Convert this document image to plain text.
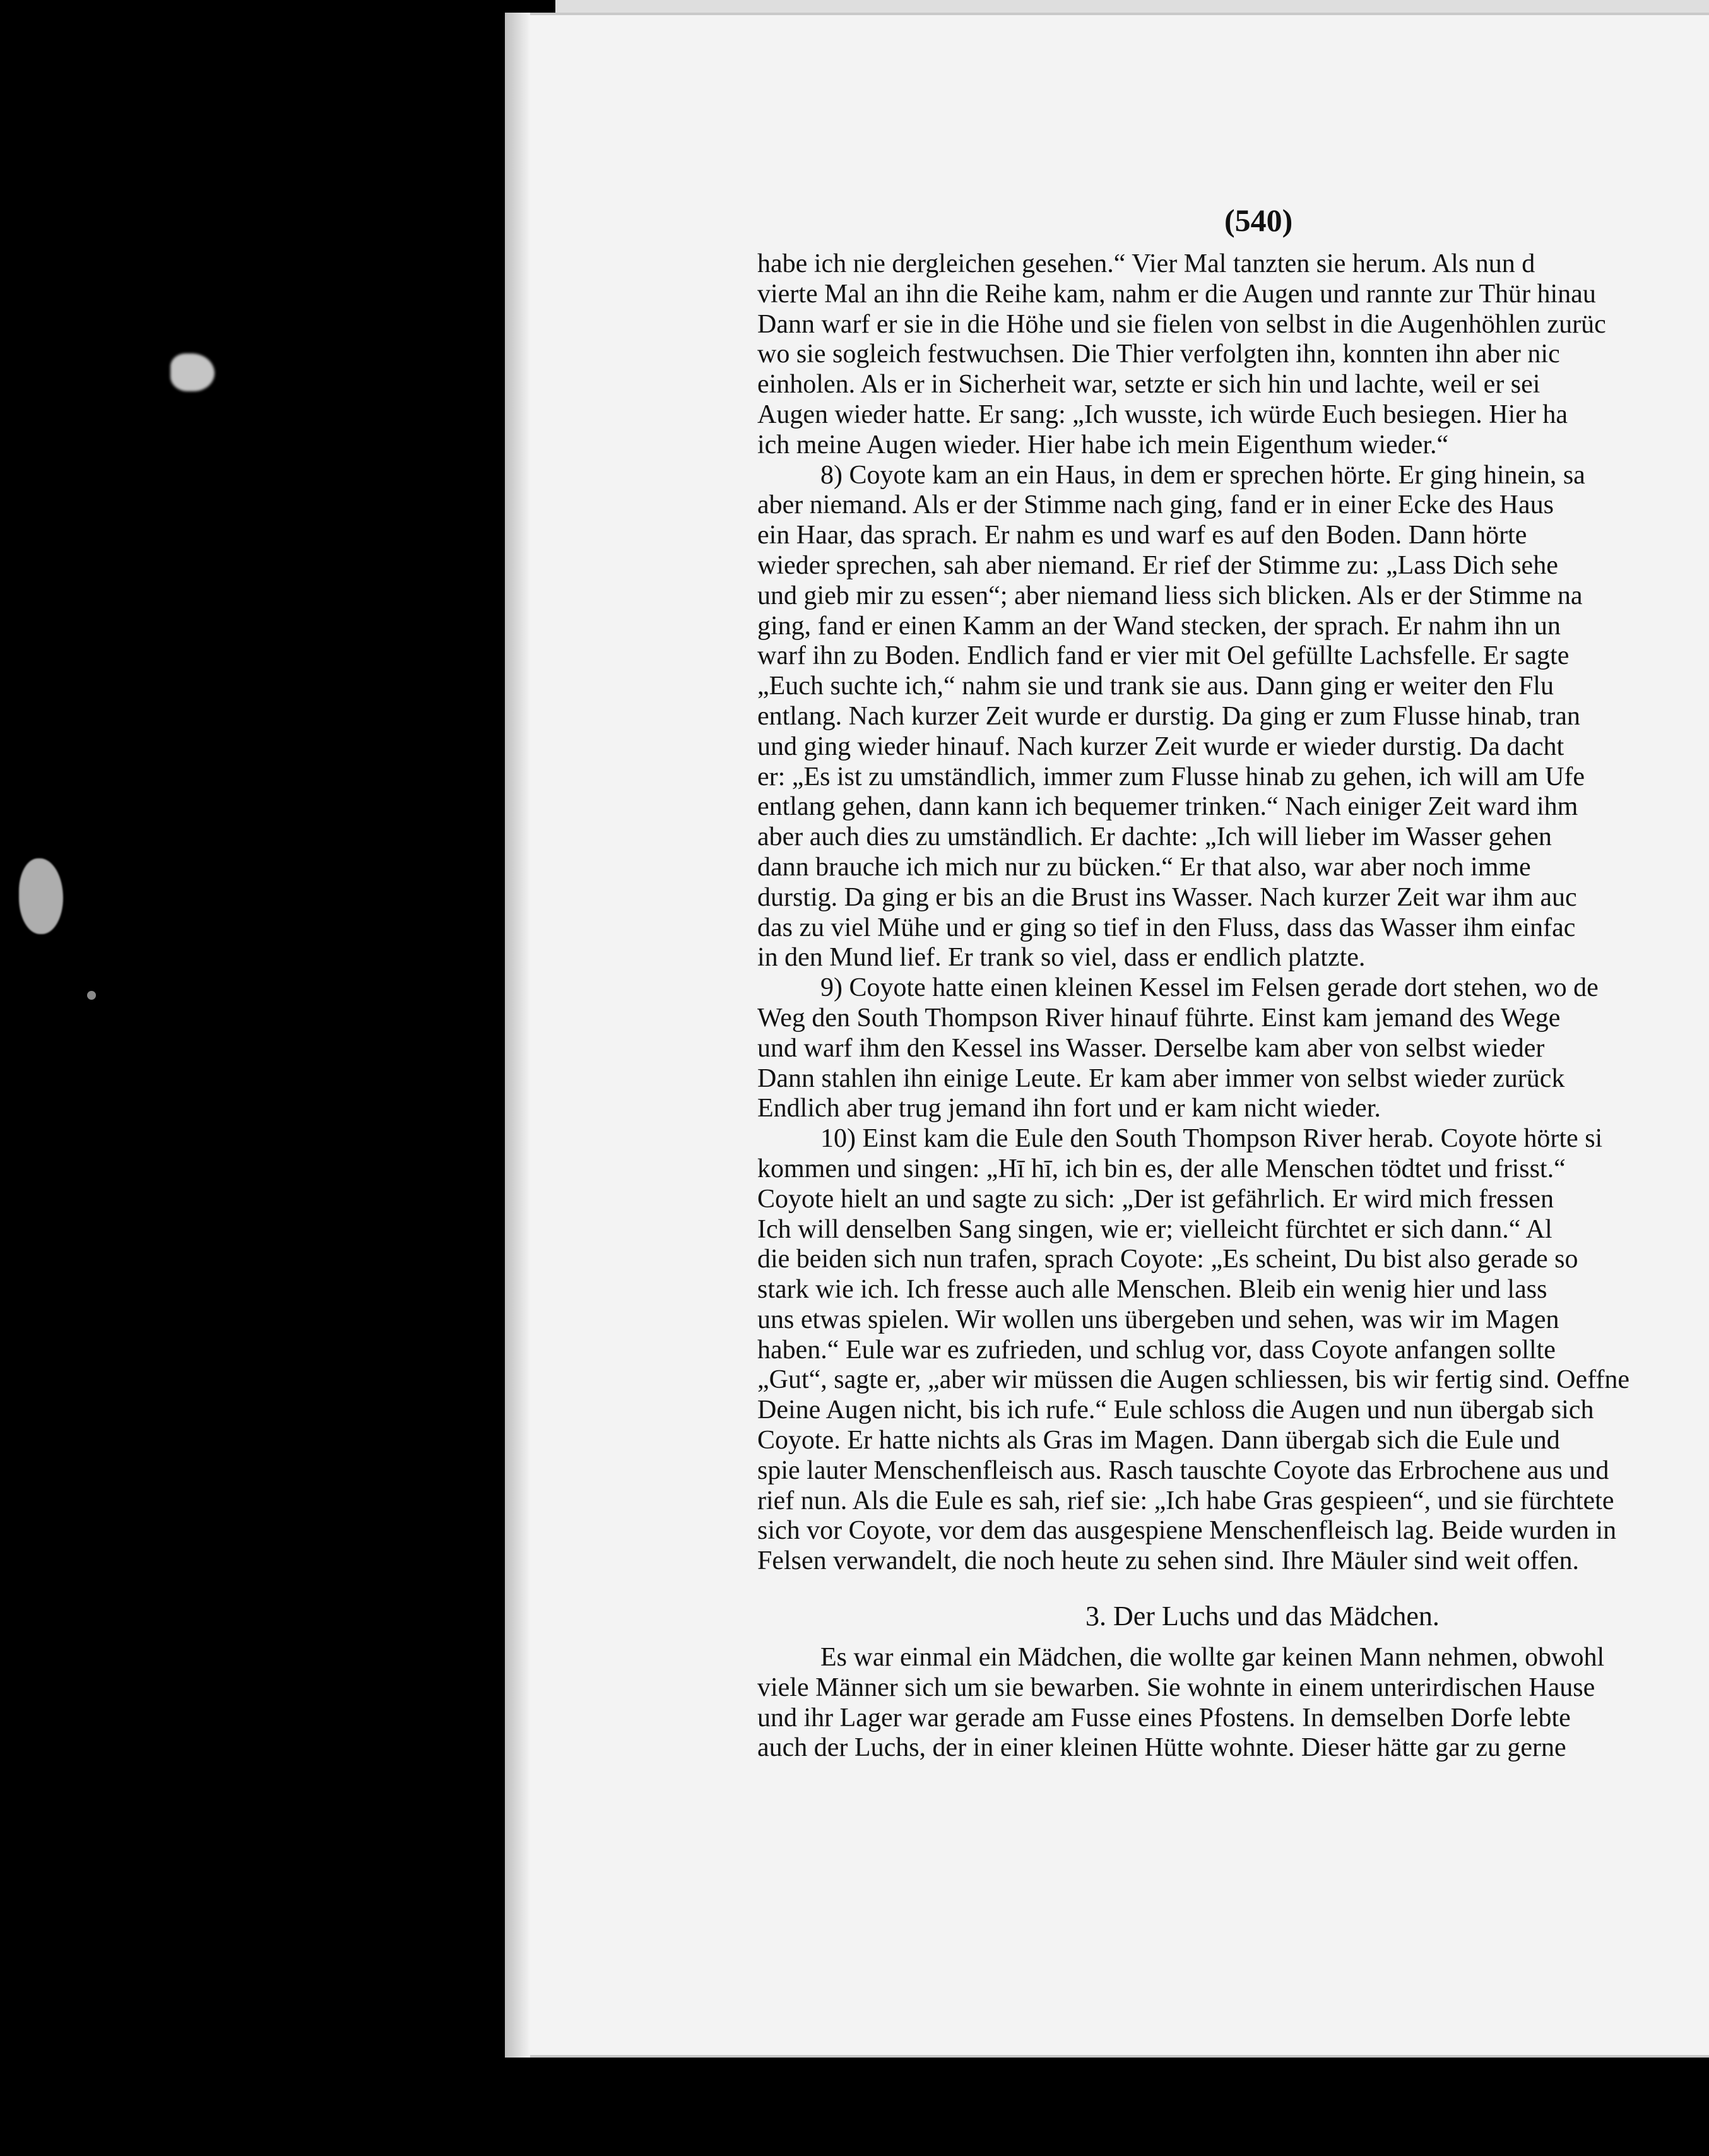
(540)
habe ich nie dergleichen gesehen.“ Vier Mal tanzten sie herum. Als nun d
vierte Mal an ihn die Reihe kam, nahm er die Augen und rannte zur Thür hinau
Dann warf er sie in die Höhe und sie fielen von selbst in die Augenhöhlen zurüc
wo sie sogleich festwuchsen. Die Thier verfolgten ihn, konnten ihn aber nic
einholen. Als er in Sicherheit war, setzte er sich hin und lachte, weil er sei
Augen wieder hatte. Er sang: „Ich wusste, ich würde Euch besiegen. Hier ha
ich meine Augen wieder. Hier habe ich mein Eigenthum wieder.“
8) Coyote kam an ein Haus, in dem er sprechen hörte. Er ging hinein, sa
aber niemand. Als er der Stimme nach ging, fand er in einer Ecke des Haus
ein Haar, das sprach. Er nahm es und warf es auf den Boden. Dann hörte
wieder sprechen, sah aber niemand. Er rief der Stimme zu: „Lass Dich sehe
und gieb mir zu essen“; aber niemand liess sich blicken. Als er der Stimme na
ging, fand er einen Kamm an der Wand stecken, der sprach. Er nahm ihn un
warf ihn zu Boden. Endlich fand er vier mit Oel gefüllte Lachsfelle. Er sagte
„Euch suchte ich,“ nahm sie und trank sie aus. Dann ging er weiter den Flu
entlang. Nach kurzer Zeit wurde er durstig. Da ging er zum Flusse hinab, tran
und ging wieder hinauf. Nach kurzer Zeit wurde er wieder durstig. Da dacht
er: „Es ist zu umständlich, immer zum Flusse hinab zu gehen, ich will am Ufe
entlang gehen, dann kann ich bequemer trinken.“ Nach einiger Zeit ward ihm
aber auch dies zu umständlich. Er dachte: „Ich will lieber im Wasser gehen
dann brauche ich mich nur zu bücken.“ Er that also, war aber noch imme
durstig. Da ging er bis an die Brust ins Wasser. Nach kurzer Zeit war ihm auc
das zu viel Mühe und er ging so tief in den Fluss, dass das Wasser ihm einfac
in den Mund lief. Er trank so viel, dass er endlich platzte.
9) Coyote hatte einen kleinen Kessel im Felsen gerade dort stehen, wo de
Weg den South Thompson River hinauf führte. Einst kam jemand des Wege
und warf ihm den Kessel ins Wasser. Derselbe kam aber von selbst wieder
Dann stahlen ihn einige Leute. Er kam aber immer von selbst wieder zurück
Endlich aber trug jemand ihn fort und er kam nicht wieder.
10) Einst kam die Eule den South Thompson River herab. Coyote hörte si
kommen und singen: „Hī hī, ich bin es, der alle Menschen tödtet und frisst.“
Coyote hielt an und sagte zu sich: „Der ist gefährlich. Er wird mich fressen
Ich will denselben Sang singen, wie er; vielleicht fürchtet er sich dann.“ Al
die beiden sich nun trafen, sprach Coyote: „Es scheint, Du bist also gerade so
stark wie ich. Ich fresse auch alle Menschen. Bleib ein wenig hier und lass
uns etwas spielen. Wir wollen uns übergeben und sehen, was wir im Magen
haben.“ Eule war es zufrieden, und schlug vor, dass Coyote anfangen sollte
„Gut“, sagte er, „aber wir müssen die Augen schliessen, bis wir fertig sind. Oeffne
Deine Augen nicht, bis ich rufe.“ Eule schloss die Augen und nun übergab sich
Coyote. Er hatte nichts als Gras im Magen. Dann übergab sich die Eule und
spie lauter Menschenfleisch aus. Rasch tauschte Coyote das Erbrochene aus und
rief nun. Als die Eule es sah, rief sie: „Ich habe Gras gespieen“, und sie fürchtete
sich vor Coyote, vor dem das ausgespiene Menschenfleisch lag. Beide wurden in
Felsen verwandelt, die noch heute zu sehen sind. Ihre Mäuler sind weit offen.
3. Der Luchs und das Mädchen.
Es war einmal ein Mädchen, die wollte gar keinen Mann nehmen, obwohl
viele Männer sich um sie bewarben. Sie wohnte in einem unterirdischen Hause
und ihr Lager war gerade am Fusse eines Pfostens. In demselben Dorfe lebte
auch der Luchs, der in einer kleinen Hütte wohnte. Dieser hätte gar zu gerne
